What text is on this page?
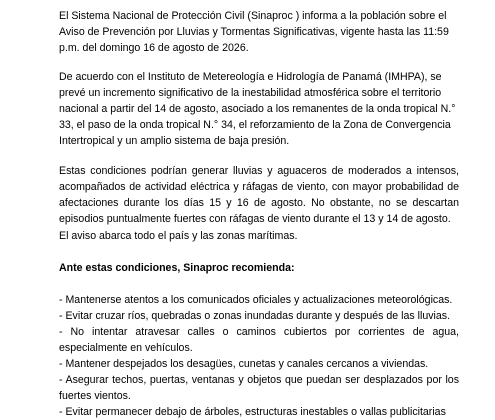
El Sistema Nacional de Protección Civil (Sinaproc ) informa a la población sobre el Aviso de Prevención por Lluvias y Tormentas Significativas, vigente hasta las 11:59 p.m. del domingo 16 de agosto de 2026.

De acuerdo con el Instituto de Metereología e Hidrología de Panamá (IMHPA), se prevé un incremento significativo de la inestabilidad atmosférica sobre el territorio nacional a partir del 14 de agosto, asociado a los remanentes de la onda tropical N.° 33, el paso de la onda tropical N.° 34, el reforzamiento de la Zona de Convergencia Intertropical y un amplio sistema de baja presión.

Estas condiciones podrían generar lluvias y aguaceros de moderados a intensos, acompañados de actividad eléctrica y ráfagas de viento, con mayor probabilidad de afectaciones durante los días 15 y 16 de agosto. No obstante, no se descartan episodios puntualmente fuertes con ráfagas de viento durante el 13 y 14 de agosto.

El aviso abarca todo el país y las zonas marítimas.

Ante estas condiciones, Sinaproc recomienda:

- Mantenerse atentos a los comunicados oficiales y actualizaciones meteorológicas.

- Evitar cruzar ríos, quebradas o zonas inundadas durante y después de las lluvias.

- No intentar atravesar calles o caminos cubiertos por corrientes de agua, especialmente en vehículos.

- Mantener despejados los desagües, cunetas y canales cercanos a viviendas.

- Asegurar techos, puertas, ventanas y objetos que puedan ser desplazados por los fuertes vientos.

- Evitar permanecer debajo de árboles, estructuras inestables o vallas publicitarias
